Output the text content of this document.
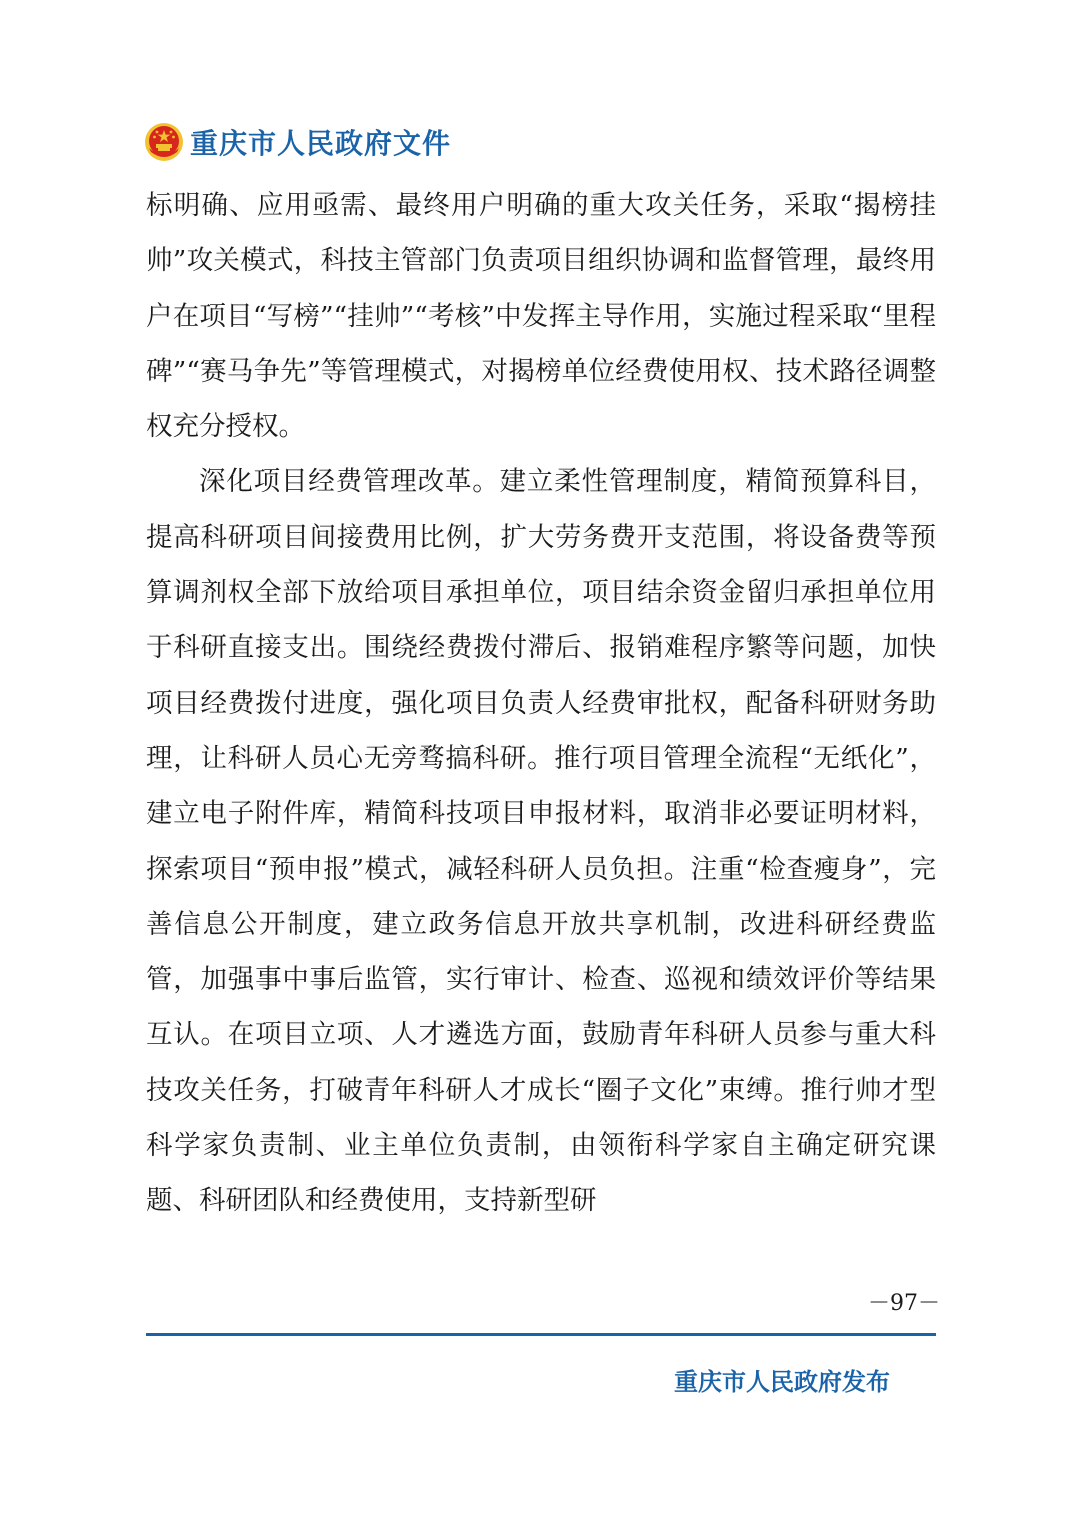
重庆市人民政府文件

标明确、应用亟需、最终用户明确的重大攻关任务，采取“揭榜挂帅”攻关模式，科技主管部门负责项目组织协调和监督管理，最终用户在项目“写榜”“挂帅”“考核”中发挥主导作用，实施过程采取“里程碑”“赛马争先”等管理模式，对揭榜单位经费使用权、技术路径调整权充分授权。

深化项目经费管理改革。建立柔性管理制度，精简预算科目，提高科研项目间接费用比例，扩大劳务费开支范围，将设备费等预算调剂权全部下放给项目承担单位，项目结余资金留归承担单位用于科研直接支出。围绕经费拨付滞后、报销难程序繁等问题，加快项目经费拨付进度，强化项目负责人经费审批权，配备科研财务助理，让科研人员心无旁骛搞科研。推行项目管理全流程“无纸化”，建立电子附件库，精简科技项目申报材料，取消非必要证明材料，探索项目“预申报”模式，减轻科研人员负担。注重“检查瘦身”，完善信息公开制度，建立政务信息开放共享机制，改进科研经费监管，加强事中事后监管，实行审计、检查、巡视和绩效评价等结果互认。在项目立项、人才遴选方面，鼓励青年科研人员参与重大科技攻关任务，打破青年科研人才成长“圈子文化”束缚。推行帅才型科学家负责制、业主单位负责制，由领衔科学家自主确定研究课题、科研团队和经费使用，支持新型研

－97－
重庆市人民政府发布
